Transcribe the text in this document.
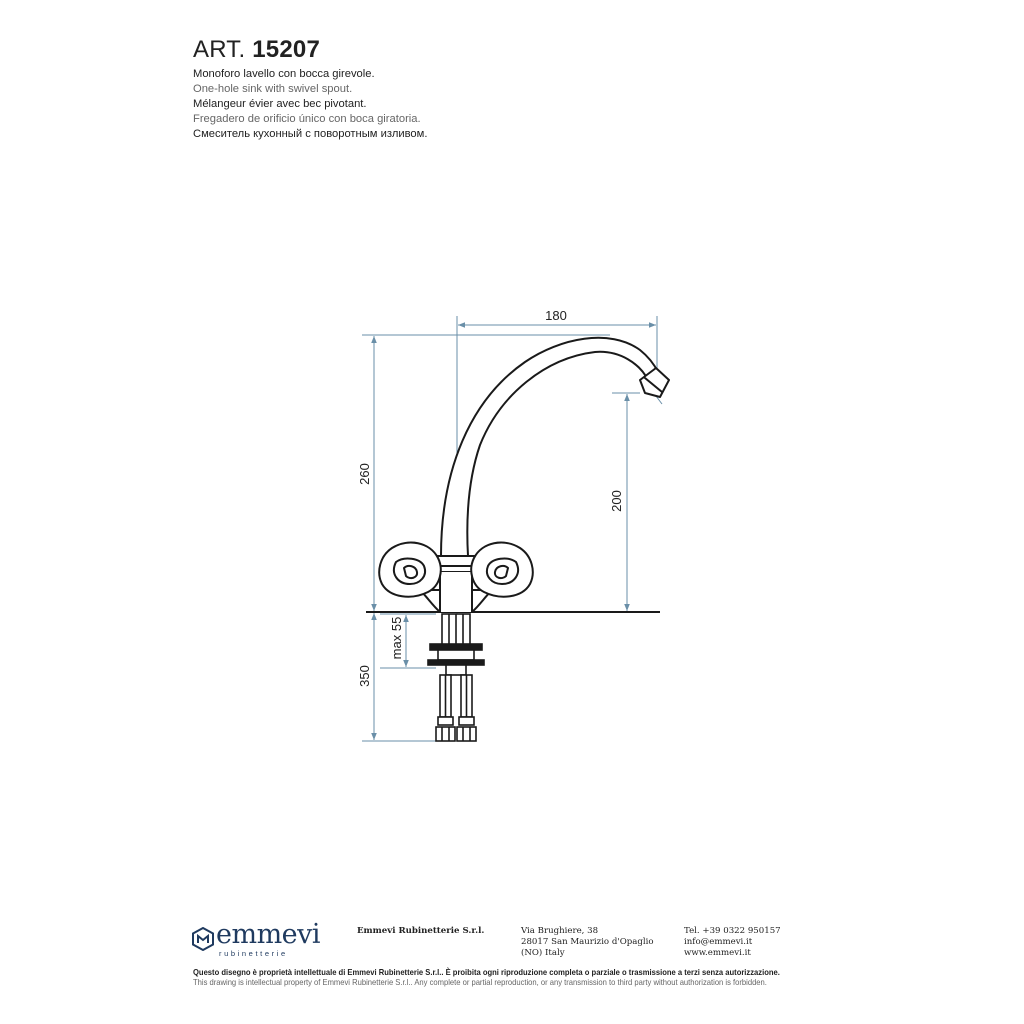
ART. 15207
Monoforo lavello con bocca girevole.
One-hole sink with swivel spout.
Mélangeur évier avec bec pivotant.
Fregadero de orificio único con boca giratoria.
Смеситель кухонный с поворотным изливом.
180
260
350
max 55
200
emmevi
rubinetterie
Emmevi Rubinetterie S.r.l.	Via Brughiere, 38
28017 San Maurizio d'Opaglio
(NO) Italy
Tel. +39 0322 950157
info@emmevi.it
www.emmevi.it
Questo disegno è proprietà intellettuale di Emmevi Rubinetterie S.r.l.. È proibita ogni riproduzione completa o parziale o trasmissione a terzi senza autorizzazione.
This drawing is intellectual property of Emmevi Rubinetterie S.r.l.. Any complete or partial reproduction, or any transmission to third party without authorization is forbidden.
